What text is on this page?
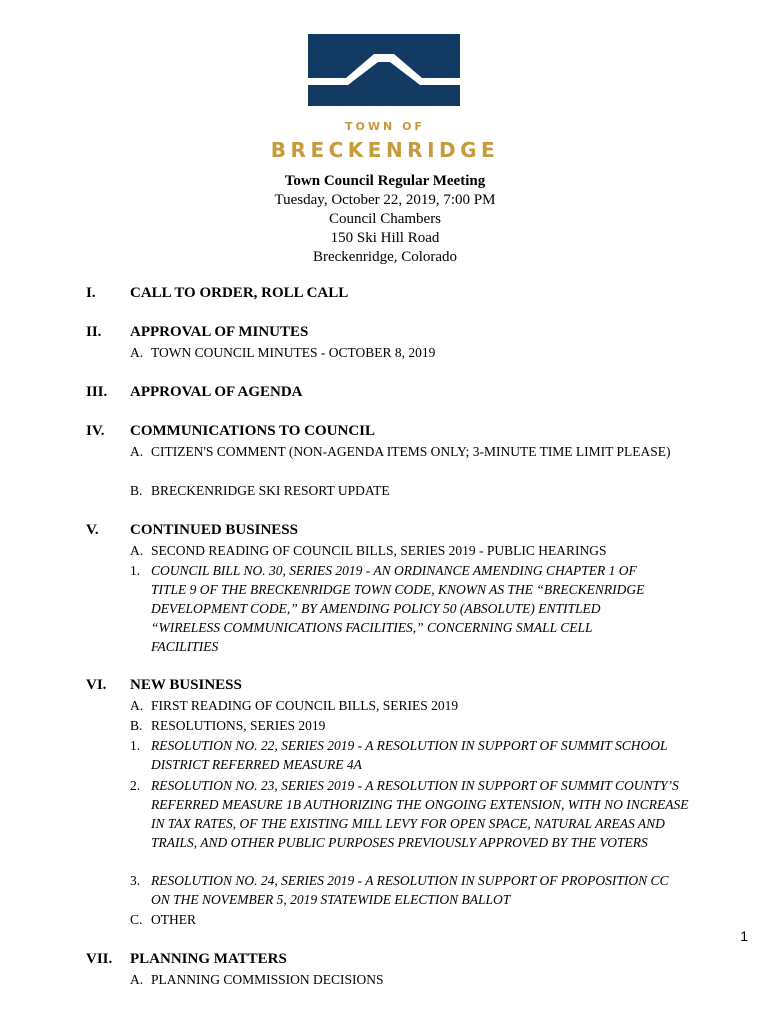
TOWN OF
BRECKENRIDGE
Town Council Regular Meeting
Tuesday, October 22, 2019, 7:00 PM
Council Chambers
150 Ski Hill Road
Breckenridge, Colorado
I.	CALL TO ORDER, ROLL CALL
II.	APPROVAL OF MINUTES
A. TOWN COUNCIL MINUTES - OCTOBER 8, 2019
III.	APPROVAL OF AGENDA
IV.	COMMUNICATIONS TO COUNCIL
A. CITIZEN'S COMMENT (NON-AGENDA ITEMS ONLY; 3-MINUTE TIME LIMIT PLEASE)
B. BRECKENRIDGE SKI RESORT UPDATE
V.	CONTINUED BUSINESS
A. SECOND READING OF COUNCIL BILLS, SERIES 2019 - PUBLIC HEARINGS
1. COUNCIL BILL NO. 30, SERIES 2019 - AN ORDINANCE AMENDING CHAPTER 1 OF TITLE 9 OF THE BRECKENRIDGE TOWN CODE, KNOWN AS THE “BRECKENRIDGE DEVELOPMENT CODE,” BY AMENDING POLICY 50 (ABSOLUTE) ENTITLED “WIRELESS COMMUNICATIONS FACILITIES,” CONCERNING SMALL CELL FACILITIES
VI.	NEW BUSINESS
A. FIRST READING OF COUNCIL BILLS, SERIES 2019
B. RESOLUTIONS, SERIES 2019
1. RESOLUTION NO. 22, SERIES 2019 - A RESOLUTION IN SUPPORT OF SUMMIT SCHOOL DISTRICT REFERRED MEASURE 4A
2. RESOLUTION NO. 23, SERIES 2019 - A RESOLUTION IN SUPPORT OF SUMMIT COUNTY’S REFERRED MEASURE 1B AUTHORIZING THE ONGOING EXTENSION, WITH NO INCREASE IN TAX RATES, OF THE EXISTING MILL LEVY FOR OPEN SPACE, NATURAL AREAS AND TRAILS, AND OTHER PUBLIC PURPOSES PREVIOUSLY APPROVED BY THE VOTERS
3. RESOLUTION NO. 24, SERIES 2019 - A RESOLUTION IN SUPPORT OF PROPOSITION CC ON THE NOVEMBER 5, 2019 STATEWIDE ELECTION BALLOT
C. OTHER
1
VII.	PLANNING MATTERS
A. PLANNING COMMISSION DECISIONS
